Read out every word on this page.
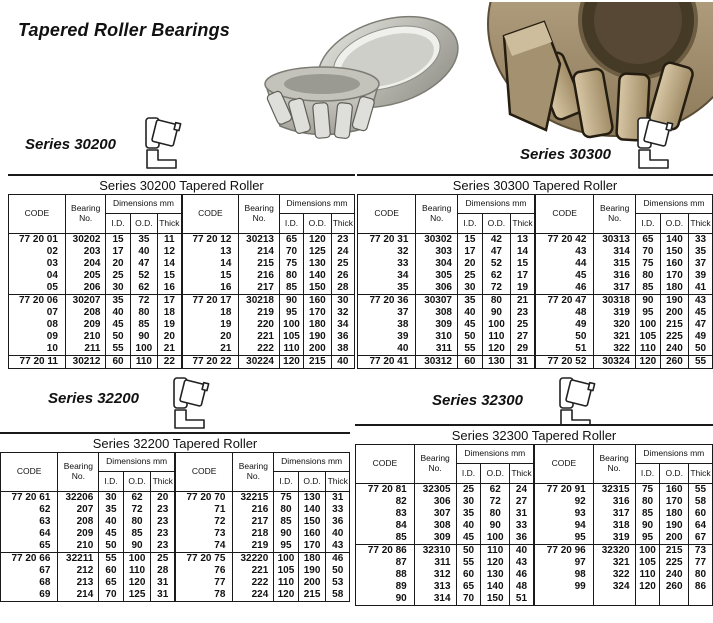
Tapered Roller Bearings
Series 30200
Series 30300
Series 32200	Series 32300
Series 30200 Tapered Roller
CODE	Bearing No.	Dimensions mm		
		I.D.	O.D.	Thick
77 20 01	30202	15	35	11
02	203	17	40	12
03	204	20	47	14
04	205	25	52	15
05	206	30	62	16
77 20 06	30207	35	72	17
07	208	40	80	18
08	209	45	85	19
09	210	50	90	20
10	211	55	100	21
77 20 11	30212	60	110	22
CODE	Bearing No.	Dimensions mm		
		I.D.	O.D.	Thick
77 20 12	30213	65	120	23
13	214	70	125	24
14	215	75	130	25
15	216	80	140	26
16	217	85	150	28
77 20 17	30218	90	160	30
18	219	95	170	32
19	220	100	180	34
20	221	105	190	36
21	222	110	200	38
77 20 22	30224	120	215	40
Series 30300 Tapered Roller
CODE	Bearing No.	Dimensions mm		
		I.D.	O.D.	Thick
77 20 31	30302	15	42	13
32	303	17	47	14
33	304	20	52	15
34	305	25	62	17
35	306	30	72	19
77 20 36	30307	35	80	21
37	308	40	90	23
38	309	45	100	25
39	310	50	110	27
40	311	55	120	29
77 20 41	30312	60	130	31
CODE	Bearing No.	Dimensions mm		
		I.D.	O.D.	Thick
77 20 42	30313	65	140	33
43	314	70	150	35
44	315	75	160	37
45	316	80	170	39
46	317	85	180	41
77 20 47	30318	90	190	43
48	319	95	200	45
49	320	100	215	47
50	321	105	225	49
51	322	110	240	50
77 20 52	30324	120	260	55
Series 32200 Tapered Roller
CODE	Bearing No.	Dimensions mm		
		I.D.	O.D.	Thick
77 20 61	32206	30	62	20
62	207	35	72	23
63	208	40	80	23
64	209	45	85	23
65	210	50	90	23
77 20 66	32211	55	100	25
67	212	60	110	28
68	213	65	120	31
69	214	70	125	31
CODE	Bearing No.	Dimensions mm		
		I.D.	O.D.	Thick
77 20 70	32215	75	130	31
71	216	80	140	33
72	217	85	150	36
73	218	90	160	40
74	219	95	170	43
77 20 75	32220	100	180	46
76	221	105	190	50
77	222	110	200	53
78	224	120	215	58
Series 32300 Tapered Roller
CODE	Bearing No.	Dimensions mm		
		I.D.	O.D.	Thick
77 20 81	32305	25	62	24
82	306	30	72	27
83	307	35	80	31
84	308	40	90	33
85	309	45	100	36
77 20 86	32310	50	110	40
87	311	55	120	43
88	312	60	130	46
89	313	65	140	48
90	314	70	150	51
CODE	Bearing No.	Dimensions mm		
		I.D.	O.D.	Thick
77 20 91	32315	75	160	55
92	316	80	170	58
93	317	85	180	60
94	318	90	190	64
95	319	95	200	67
77 20 96	32320	100	215	73
97	321	105	225	77
98	322	110	240	80
99	324	120	260	86
